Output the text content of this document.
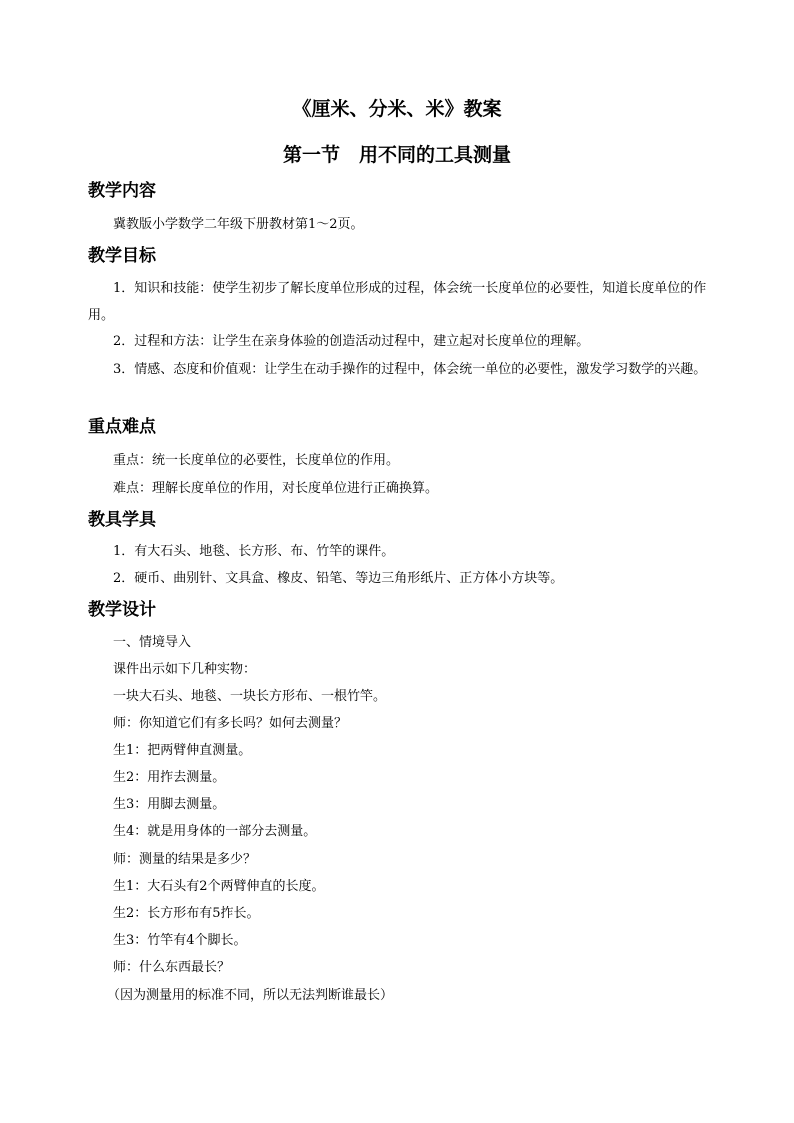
《厘米、分米、米》教案
第一节　用不同的工具测量
教学内容

冀教版小学数学二年级下册教材第1～2页。

教学目标

1．知识和技能：使学生初步了解长度单位形成的过程，体会统一长度单位的必要性，知道长度单位的作用。

2．过程和方法：让学生在亲身体验的创造活动过程中，建立起对长度单位的理解。

3．情感、态度和价值观：让学生在动手操作的过程中，体会统一单位的必要性，激发学习数学的兴趣。

重点难点

重点：统一长度单位的必要性，长度单位的作用。

难点：理解长度单位的作用，对长度单位进行正确换算。

教具学具

1．有大石头、地毯、长方形、布、竹竿的课件。

2．硬币、曲别针、文具盒、橡皮、铅笔、等边三角形纸片、正方体小方块等。

教学设计

一、情境导入

课件出示如下几种实物：

一块大石头、地毯、一块长方形布、一根竹竿。

师：你知道它们有多长吗？如何去测量？

生1：把两臂伸直测量。

生2：用拃去测量。

生3：用脚去测量。

生4：就是用身体的一部分去测量。

师：测量的结果是多少？

生1：大石头有2个两臂伸直的长度。

生2：长方形布有5拃长。

生3：竹竿有4个脚长。

师：什么东西最长？

（因为测量用的标准不同，所以无法判断谁最长）
